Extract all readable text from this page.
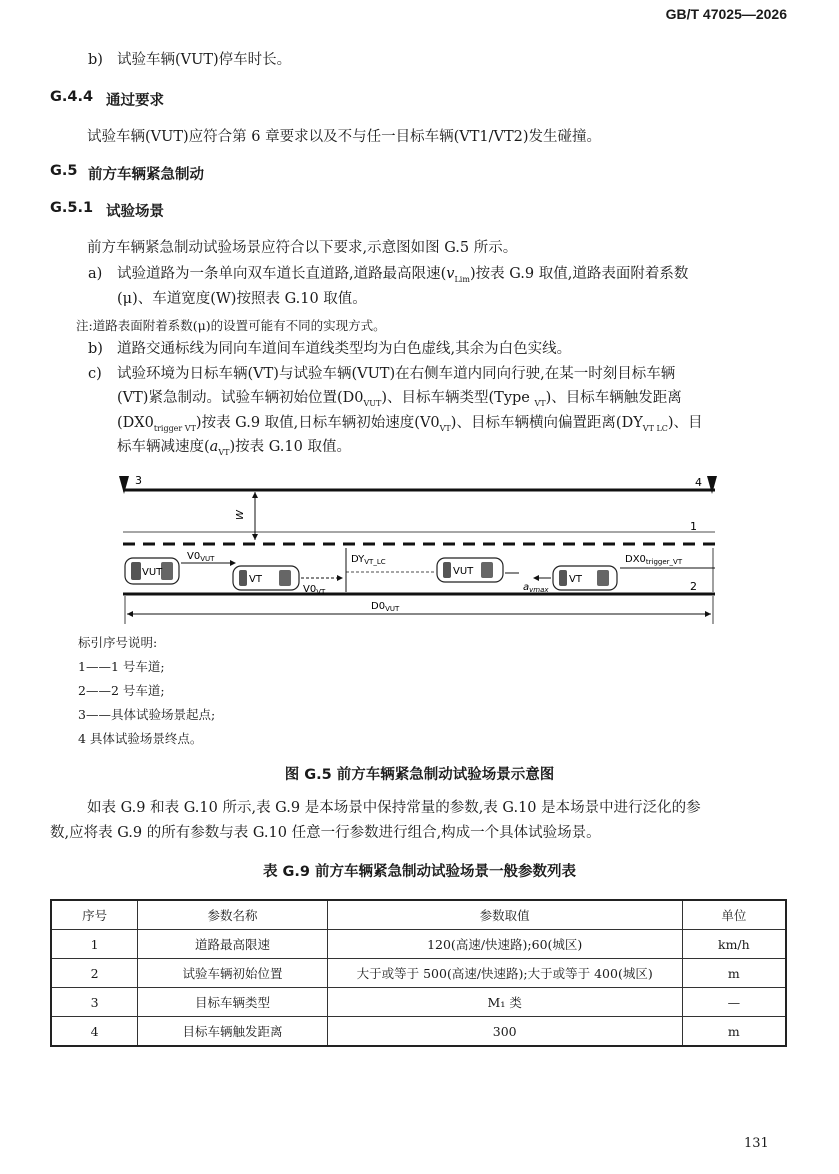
GB/T 47025—2026
b) 试验车辆(VUT)停车时长。
G.4.4 通过要求
试验车辆(VUT)应符合第 6 章要求以及不与任一目标车辆(VT1/VT2)发生碰撞。
G.5 前方车辆紧急制动
G.5.1 试验场景
前方车辆紧急制动试验场景应符合以下要求,示意图如图 G.5 所示。
a) 试验道路为一条单向双车道长直道路,道路最高限速$(v_{Lim})$按表 G.9 取值,道路表面附着系数
(μ)、车道宽度(W)按照表 G.10 取值。
注:道路表面附着系数(μ)的设置可能有不同的实现方式。
b) 道路交通标线为同向车道间车道线类型均为白色虚线,其余为白色实线。
c) 试验环境为日标车辆(VT)与试验车辆(VUT)在右侧车道内同向行驶,在某一时刻目标车辆
(VT)紧急制动。试验车辆初始位置$(D0_{VUT})$、目标车辆类型(Type $_{VT}$)、目标车辆触发距离
$(DX0_{trigger VT})$按表 G.9 取值,日标车辆初始速度$(V0_{VT})$、目标车辆横向偏置距离$(DY_{VT LC})$、目
标车辆减速度$(a_{VT})$按表 G.10 取值。
3	4
W
1
2
VUT
$V0_{VUT}$
VT
$V0_{VT}$
$DY_{VT\_LC}$
VUT
$a_{vmax}$
VT
$DX0_{trigger\_VT}$
$D0_{VUT}$
标引序号说明:
1——1 号车道;
2——2 号车道;
3——具体试验场景起点;
4 具体试验场景终点。
图 G.5 前方车辆紧急制动试验场景示意图
如表 G.9 和表 G.10 所示,表 G.9 是本场景中保持常量的参数,表 G.10 是本场景中进行泛化的参
数,应将表 G.9 的所有参数与表 G.10 任意一行参数进行组合,构成一个具体试验场景。
表 G.9 前方车辆紧急制动试验场景一般参数列表
序号	参数名称	参数取值	单位
1	道路最高限速	120(高速/快速路);60(城区)	km/h
2	试验车辆初始位置	大于或等于 500(高速/快速路);大于或等于 400(城区)	m
3	目标车辆类型	M₁ 类	—
4	目标车辆触发距离	300	m
131
